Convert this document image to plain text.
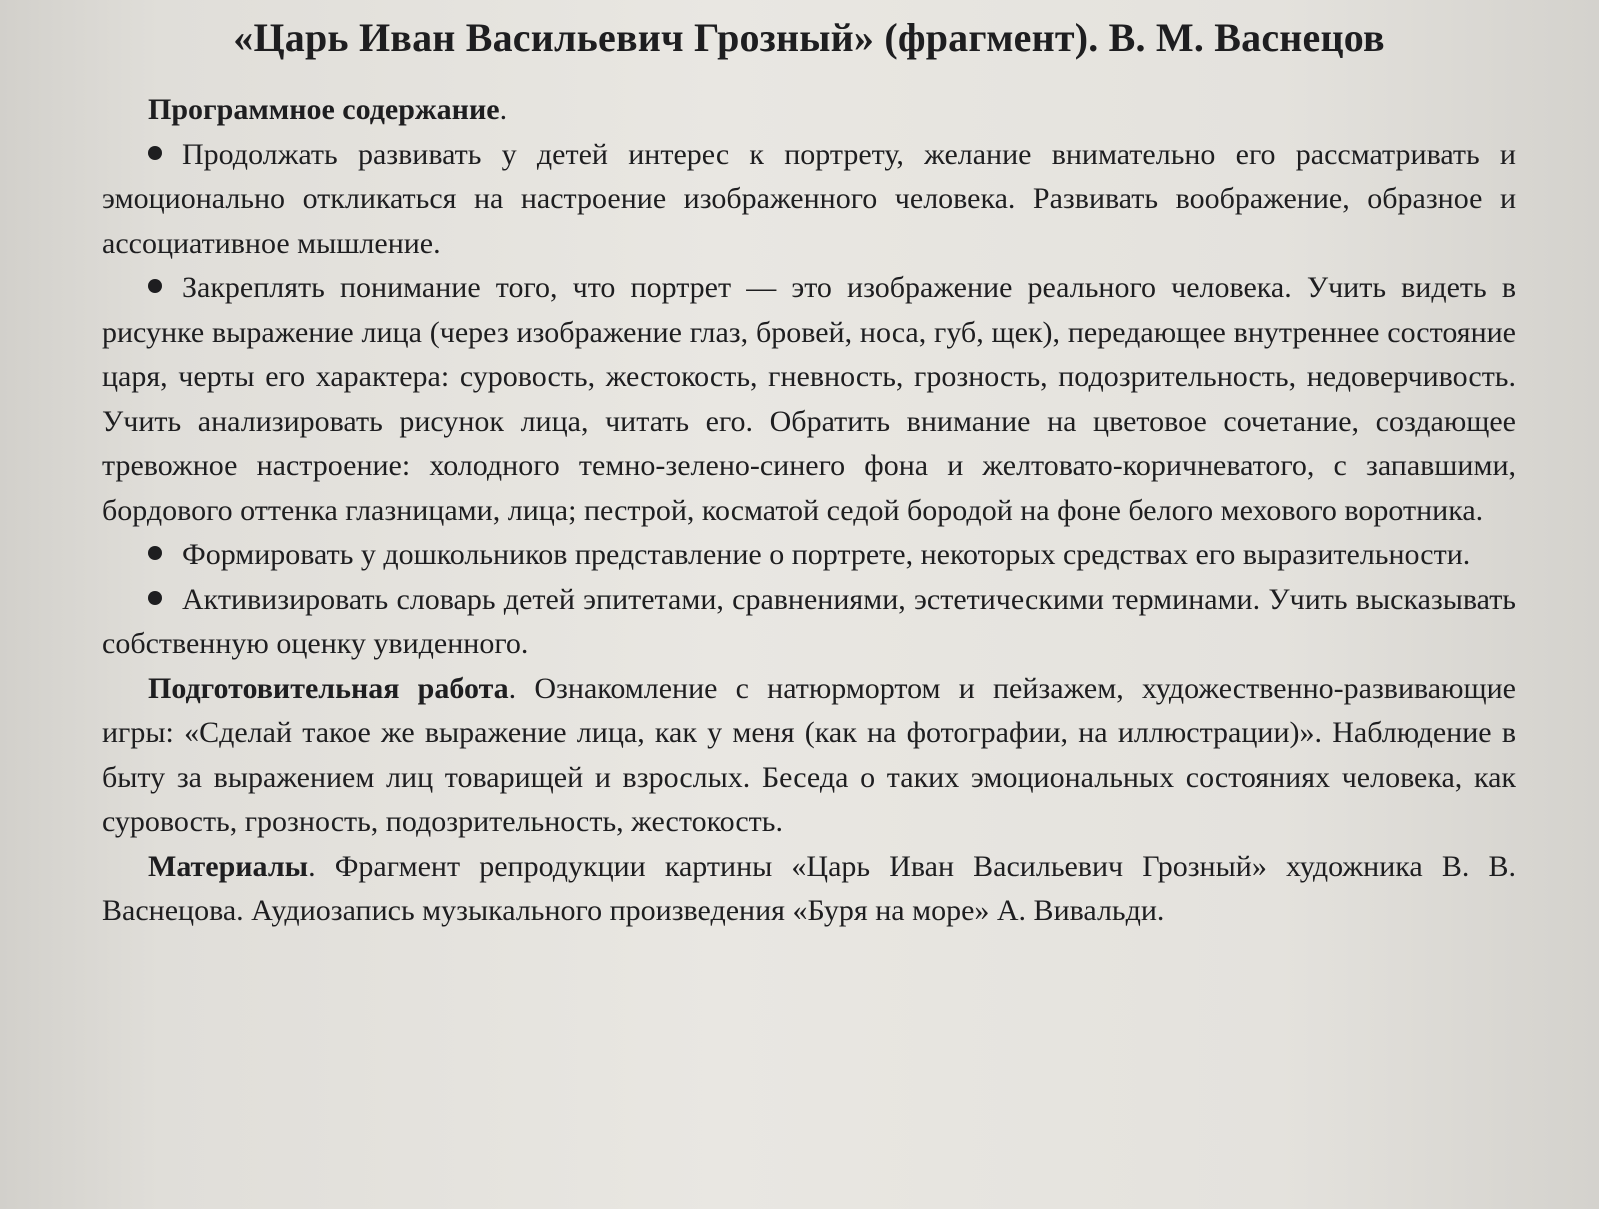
«Царь Иван Васильевич Грозный» (фрагмент). В. М. Васнецов

Программное содержание.

Продолжать развивать у детей интерес к портрету, желание внимательно его рассматривать и эмоционально откликаться на настроение изображенного человека. Развивать воображение, образное и ассоциативное мышление.

Закреплять понимание того, что портрет — это изображение реального человека. Учить видеть в рисунке выражение лица (через изображение глаз, бровей, носа, губ, щек), передающее внутреннее состояние царя, черты его характера: суровость, жестокость, гневность, грозность, подозрительность, недоверчивость. Учить анализировать рисунок лица, читать его. Обратить внимание на цветовое сочетание, создающее тревожное настроение: холодного темно-зелено-синего фона и желтовато-коричневатого, с запавшими, бордового оттенка глазницами, лица; пестрой, косматой седой бородой на фоне белого мехового воротника.

Формировать у дошкольников представление о портрете, некоторых средствах его выразительности.

Активизировать словарь детей эпитетами, сравнениями, эстетическими терминами. Учить высказывать собственную оценку увиденного.

Подготовительная работа. Ознакомление с натюрмортом и пейзажем, художественно-развивающие игры: «Сделай такое же выражение лица, как у меня (как на фотографии, на иллюстрации)». Наблюдение в быту за выражением лиц товарищей и взрослых. Беседа о таких эмоциональных состояниях человека, как суровость, грозность, подозрительность, жестокость.

Материалы. Фрагмент репродукции картины «Царь Иван Васильевич Грозный» художника В. В. Васнецова. Аудиозапись музыкального произведения «Буря на море» А. Вивальди.
